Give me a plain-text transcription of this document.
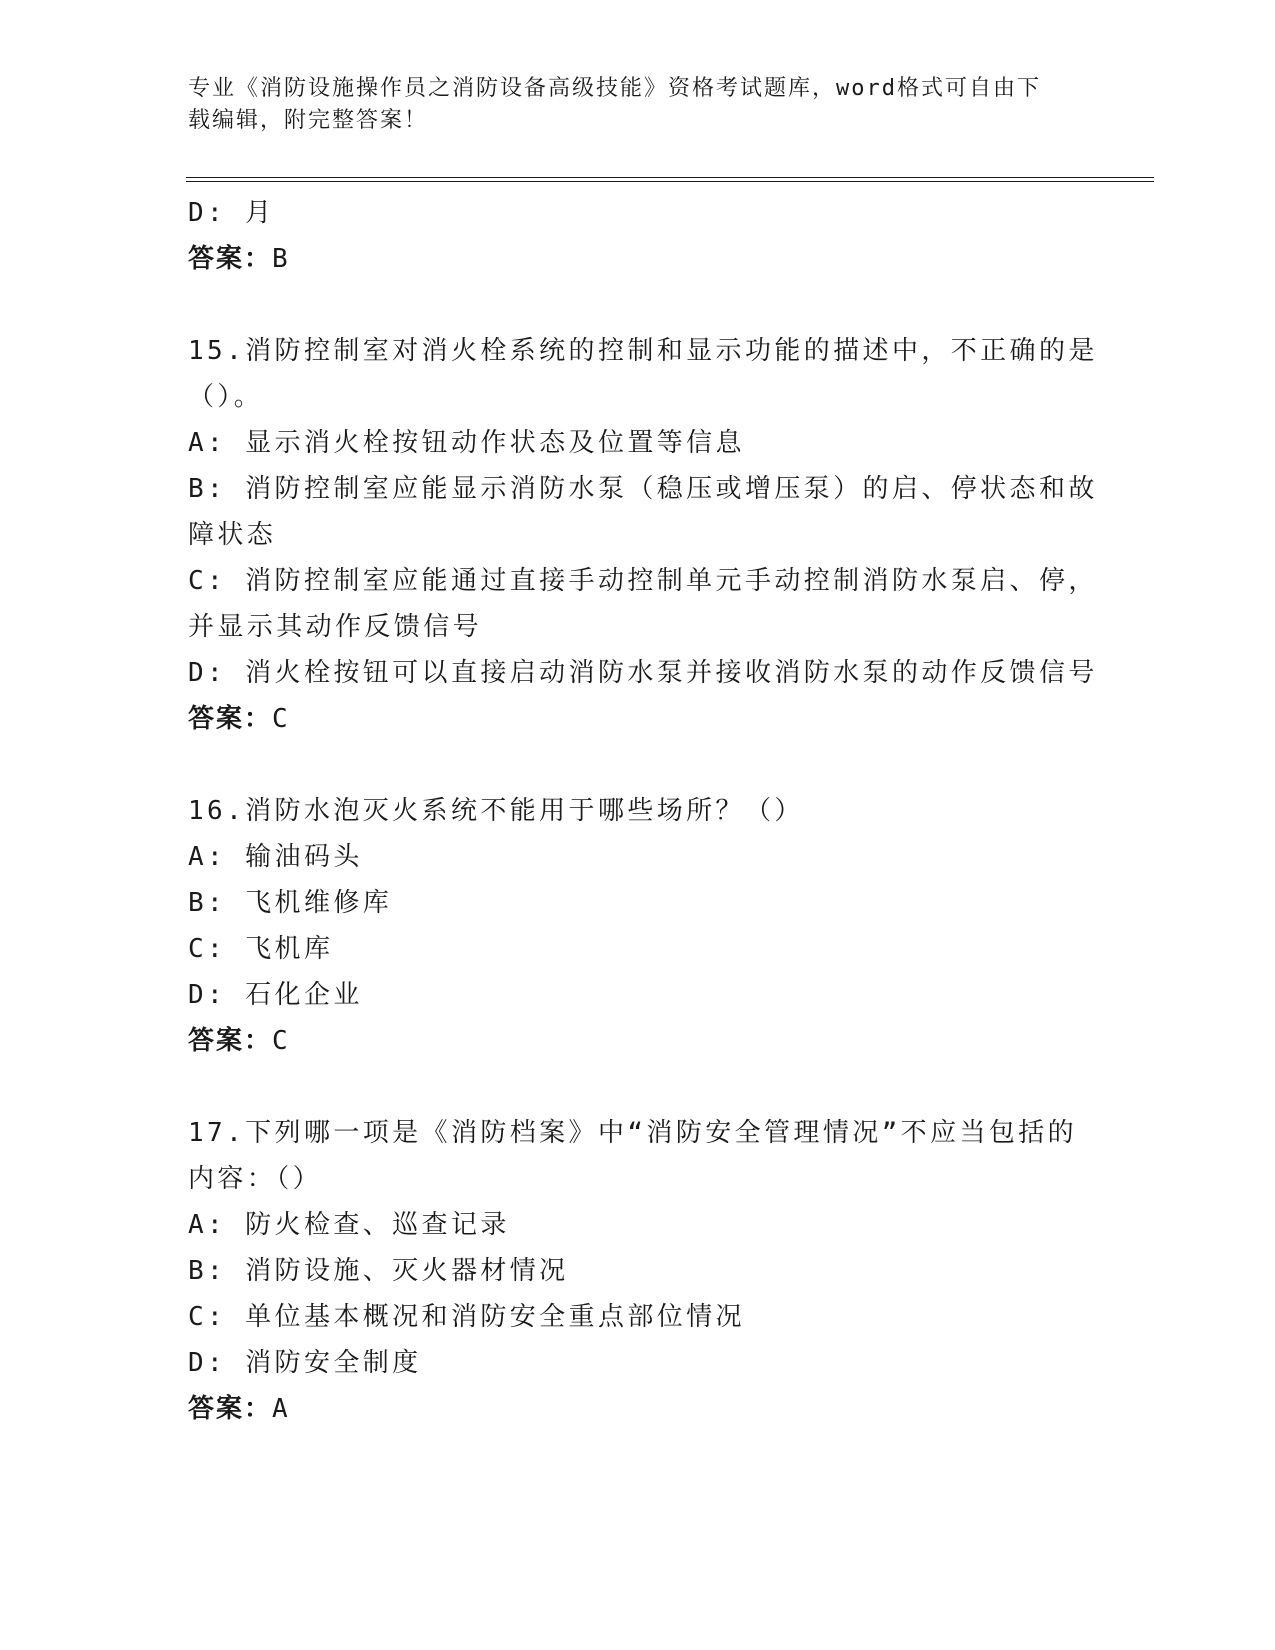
专业《消防设施操作员之消防设备高级技能》资格考试题库，word格式可自由下
载编辑，附完整答案！
D: 月
答案：B
15.消防控制室对消火栓系统的控制和显示功能的描述中，不正确的是
（）。
A: 显示消火栓按钮动作状态及位置等信息
B: 消防控制室应能显示消防水泵（稳压或增压泵）的启、停状态和故
障状态
C: 消防控制室应能通过直接手动控制单元手动控制消防水泵启、停，
并显示其动作反馈信号
D: 消火栓按钮可以直接启动消防水泵并接收消防水泵的动作反馈信号
答案：C
16.消防水泡灭火系统不能用于哪些场所？（）
A: 输油码头
B: 飞机维修库
C: 飞机库
D: 石化企业
答案：C
17.下列哪一项是《消防档案》中“消防安全管理情况”不应当包括的
内容：（）
A: 防火检查、巡查记录
B: 消防设施、灭火器材情况
C: 单位基本概况和消防安全重点部位情况
D: 消防安全制度
答案：A
